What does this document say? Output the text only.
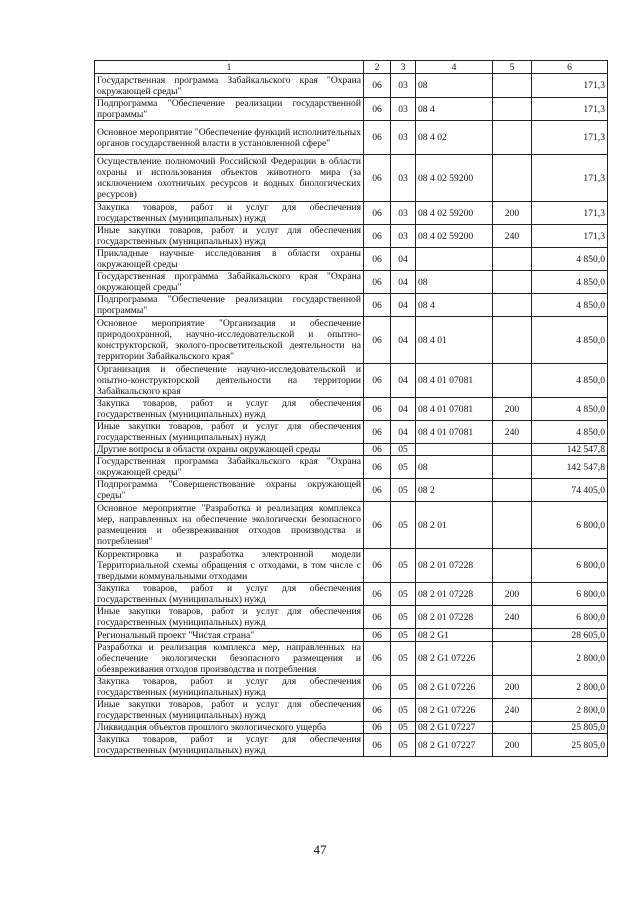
1	2	3	4	5	6
Государственная программа Забайкальского края "Охрана окружающей среды"	06	03	08		171,3
Подпрограмма "Обеспечение реализации государственной программы"	06	03	08 4		171,3
Основное мероприятие "Обеспечение функций исполнительных органов государственной власти в установленной сфере"	06	03	08 4 02		171,3
Осуществление полномочий Российской Федерации в области охраны и использования объектов животного мира (за исключением охотничьих ресурсов и водных биологических ресурсов)	06	03	08 4 02 59200		171,3
Закупка товаров, работ и услуг для обеспечения государственных (муниципальных) нужд	06	03	08 4 02 59200	200	171,3
Иные закупки товаров, работ и услуг для обеспечения государственных (муниципальных) нужд	06	03	08 4 02 59200	240	171,3
Прикладные научные исследования в области охраны окружающей среды	06	04			4 850,0
Государственная программа Забайкальского края "Охрана окружающей среды"	06	04	08		4 850,0
Подпрограмма "Обеспечение реализации государственной программы"	06	04	08 4		4 850,0
Основное мероприятие "Организация и обеспечение природоохранной, научно-исследовательской и опытно-конструкторской, эколого-просветительской деятельности на территории Забайкальского края"	06	04	08 4 01		4 850,0
Организация и обеспечение научно-исследовательской и опытно-конструкторской деятельности на территории Забайкальского края	06	04	08 4 01 07081		4 850,0
Закупка товаров, работ и услуг для обеспечения государственных (муниципальных) нужд	06	04	08 4 01 07081	200	4 850,0
Иные закупки товаров, работ и услуг для обеспечения государственных (муниципальных) нужд	06	04	08 4 01 07081	240	4 850,0
Другие вопросы в области охраны окружающей среды	06	05			142 547,8
Государственная программа Забайкальского края "Охрана окружающей среды"	06	05	08		142 547,8
Подпрограмма "Совершенствование охраны окружающей среды"	06	05	08 2		74 405,0
Основное мероприятие "Разработка и реализация комплекса мер, направленных на обеспечение экологически безопасного размещения и обезвреживания отходов производства и потребления"	06	05	08 2 01		6 800,0
Корректировка и разработка электронной модели Территориальной схемы обращения с отходами, в том числе с твердыми коммунальными отходами	06	05	08 2 01 07228		6 800,0
Закупка товаров, работ и услуг для обеспечения государственных (муниципальных) нужд	06	05	08 2 01 07228	200	6 800,0
Иные закупки товаров, работ и услуг для обеспечения государственных (муниципальных) нужд	06	05	08 2 01 07228	240	6 800,0
Региональный проект "Чистая страна"	06	05	08 2 G1		28 605,0
Разработка и реализация комплекса мер, направленных на обеспечение экологически безопасного размещения и обезвреживания отходов производства и потребления	06	05	08 2 G1 07226		2 800,0
Закупка товаров, работ и услуг для обеспечения государственных (муниципальных) нужд	06	05	08 2 G1 07226	200	2 800,0
Иные закупки товаров, работ и услуг для обеспечения государственных (муниципальных) нужд	06	05	08 2 G1 07226	240	2 800,0
Ликвидация объектов прошлого экологического ущерба	06	05	08 2 G1 07227		25 805,0
Закупка товаров, работ и услуг для обеспечения государственных (муниципальных) нужд	06	05	08 2 G1 07227	200	25 805,0
47
